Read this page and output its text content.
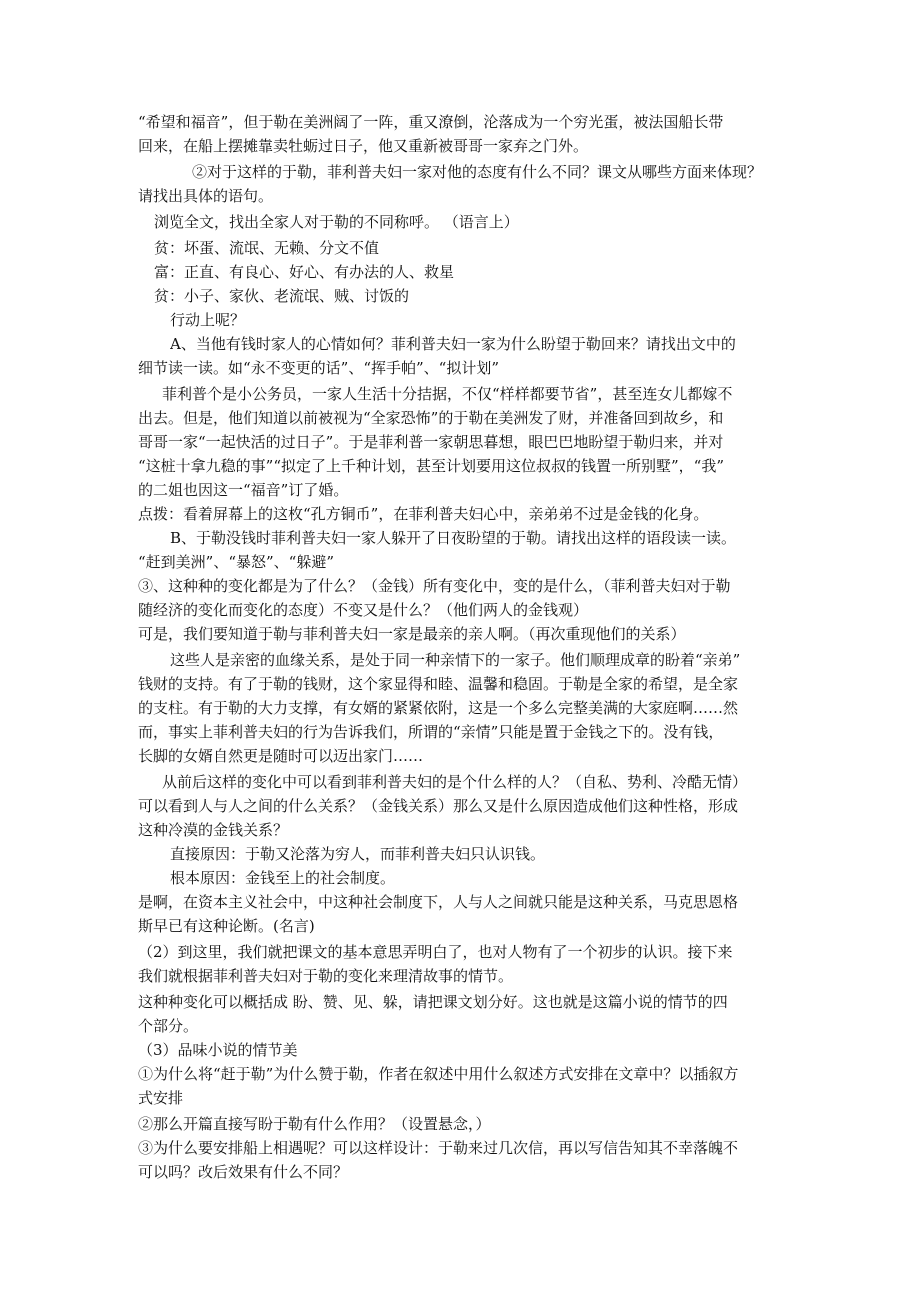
“希望和福音”，但于勒在美洲阔了一阵，重又潦倒，沦落成为一个穷光蛋，被法国船长带
回来，在船上摆摊靠卖牡蛎过日子，他又重新被哥哥一家弃之门外。
②对于这样的于勒，菲利普夫妇一家对他的态度有什么不同？课文从哪些方面来体现？
请找出具体的语句。
浏览全文，找出全家人对于勒的不同称呼。 （语言上）
贫：坏蛋、流氓、无赖、分文不值
富：正直、有良心、好心、有办法的人、救星
贫：小子、家伙、老流氓、贼、讨饭的
行动上呢？
A、当他有钱时家人的心情如何？菲利普夫妇一家为什么盼望于勒回来？请找出文中的
细节读一读。如“永不变更的话”、“挥手帕”、“拟计划”
菲利普个是小公务员，一家人生活十分拮据，不仅“样样都要节省”，甚至连女儿都嫁不
出去。但是，他们知道以前被视为“全家恐怖”的于勒在美洲发了财，并准备回到故乡，和
哥哥一家“一起快活的过日子”。于是菲利普一家朝思暮想，眼巴巴地盼望于勒归来，并对
“这桩十拿九稳的事”“拟定了上千种计划，甚至计划要用这位叔叔的钱置一所别墅”，“我”
的二姐也因这一“福音”订了婚。
点拨：看着屏幕上的这枚“孔方铜币”，在菲利普夫妇心中，亲弟弟不过是金钱的化身。
B、于勒没钱时菲利普夫妇一家人躲开了日夜盼望的于勒。请找出这样的语段读一读。
“赶到美洲”、“暴怒”、“躲避”
③、这种种的变化都是为了什么？（金钱）所有变化中，变的是什么，（菲利普夫妇对于勒
随经济的变化而变化的态度）不变又是什么？（他们两人的金钱观）
可是，我们要知道于勒与菲利普夫妇一家是最亲的亲人啊。（再次重现他们的关系）
这些人是亲密的血缘关系，是处于同一种亲情下的一家子。他们顺理成章的盼着“亲弟”
钱财的支持。有了于勒的钱财，这个家显得和睦、温馨和稳固。于勒是全家的希望，是全家
的支柱。有于勒的大力支撑，有女婿的紧紧依附，这是一个多么完整美满的大家庭啊……然
而，事实上菲利普夫妇的行为告诉我们，所谓的“亲情”只能是置于金钱之下的。没有钱，
长脚的女婿自然更是随时可以迈出家门……
从前后这样的变化中可以看到菲利普夫妇的是个什么样的人？（自私、势利、冷酷无情）
可以看到人与人之间的什么关系？（金钱关系）那么又是什么原因造成他们这种性格，形成
这种冷漠的金钱关系？
直接原因：于勒又沦落为穷人，而菲利普夫妇只认识钱。
根本原因：金钱至上的社会制度。
是啊，在资本主义社会中，中这种社会制度下，人与人之间就只能是这种关系，马克思恩格
斯早已有这种论断。(名言)
（2）到这里，我们就把课文的基本意思弄明白了，也对人物有了一个初步的认识。接下来
我们就根据菲利普夫妇对于勒的变化来理清故事的情节。
这种种变化可以概括成 盼、赞、见、躲，请把课文划分好。这也就是这篇小说的情节的四
个部分。
（3）品味小说的情节美
①为什么将“赶于勒”为什么赞于勒，作者在叙述中用什么叙述方式安排在文章中？以插叙方
式安排
②那么开篇直接写盼于勒有什么作用？（设置悬念，）
③为什么要安排船上相遇呢？可以这样设计：于勒来过几次信，再以写信告知其不幸落魄不
可以吗？改后效果有什么不同？
